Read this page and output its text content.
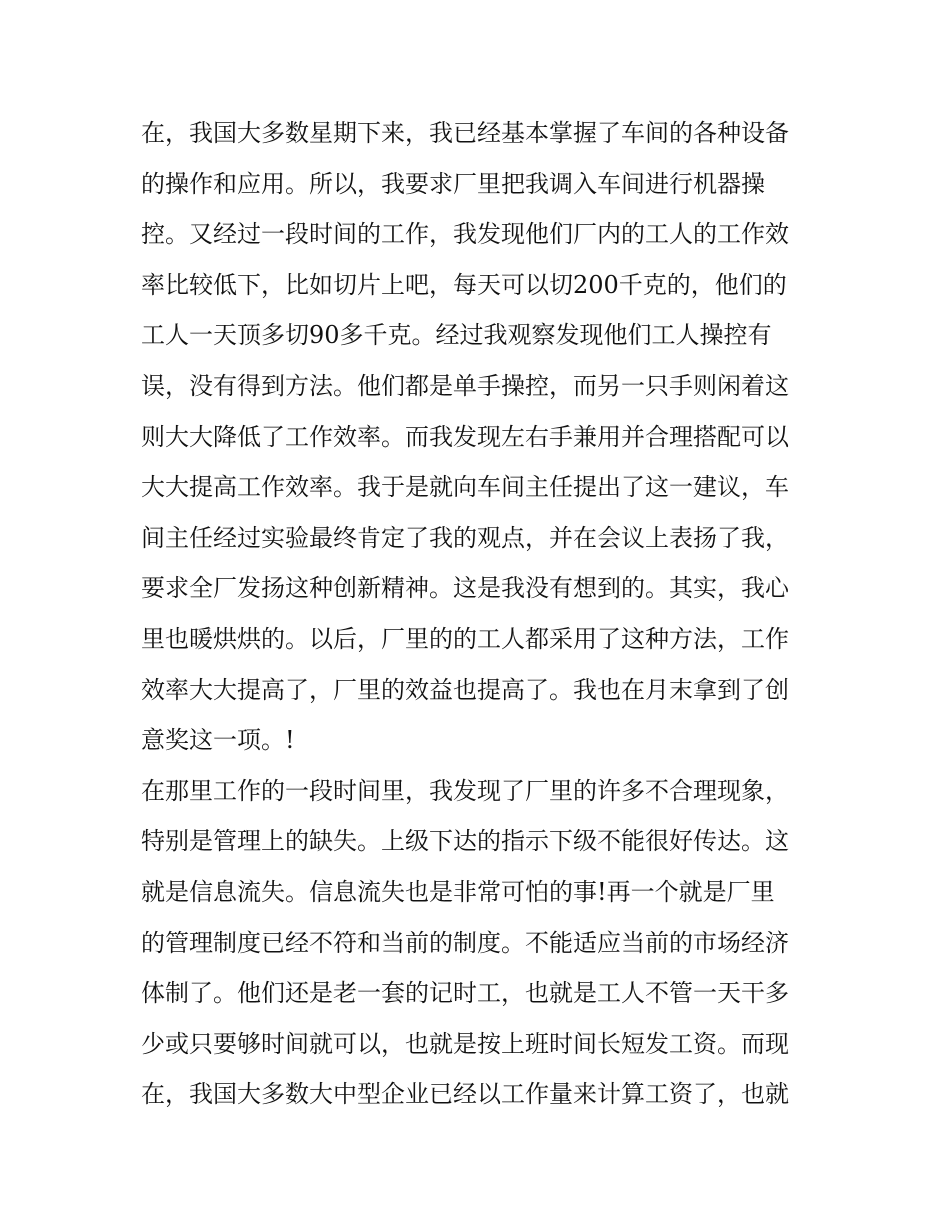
在，我国大多数星期下来，我已经基本掌握了车间的各种设备
的操作和应用。所以，我要求厂里把我调入车间进行机器操
控。又经过一段时间的工作，我发现他们厂内的工人的工作效
率比较低下，比如切片上吧，每天可以切200千克的，他们的
工人一天顶多切90多千克。经过我观察发现他们工人操控有
误，没有得到方法。他们都是单手操控，而另一只手则闲着这
则大大降低了工作效率。而我发现左右手兼用并合理搭配可以
大大提高工作效率。我于是就向车间主任提出了这一建议，车
间主任经过实验最终肯定了我的观点，并在会议上表扬了我，
要求全厂发扬这种创新精神。这是我没有想到的。其实，我心
里也暖烘烘的。以后，厂里的的工人都采用了这种方法，工作
效率大大提高了，厂里的效益也提高了。我也在月末拿到了创
意奖这一项。!
在那里工作的一段时间里，我发现了厂里的许多不合理现象，
特别是管理上的缺失。上级下达的指示下级不能很好传达。这
就是信息流失。信息流失也是非常可怕的事!再一个就是厂里
的管理制度已经不符和当前的制度。不能适应当前的市场经济
体制了。他们还是老一套的记时工，也就是工人不管一天干多
少或只要够时间就可以，也就是按上班时间长短发工资。而现
在，我国大多数大中型企业已经以工作量来计算工资了，也就
